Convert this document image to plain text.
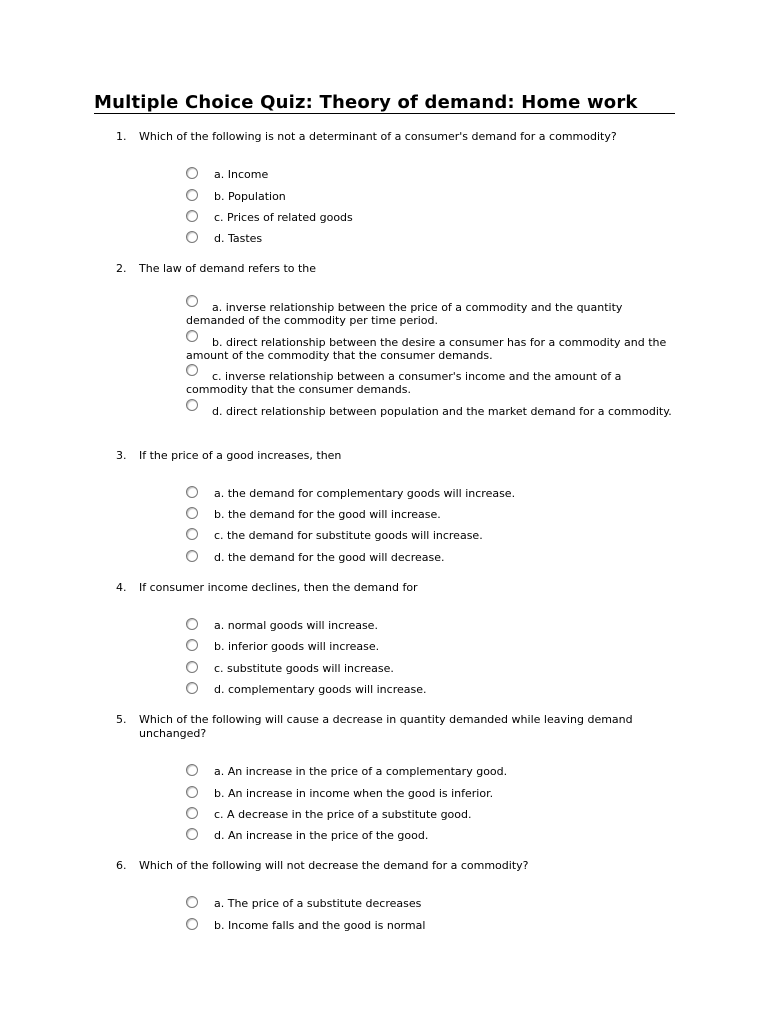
Multiple Choice Quiz: Theory of demand: Home work
1. Which of the following is not a determinant of a consumer's demand for a commodity?
a. Income
b. Population
c. Prices of related goods
d. Tastes
2. The law of demand refers to the
a. inverse relationship between the price of a commodity and the quantity demanded of the commodity per time period.
b. direct relationship between the desire a consumer has for a commodity and the amount of the commodity that the consumer demands.
c. inverse relationship between a consumer's income and the amount of a commodity that the consumer demands.
d. direct relationship between population and the market demand for a commodity.
3. If the price of a good increases, then
a. the demand for complementary goods will increase.
b. the demand for the good will increase.
c. the demand for substitute goods will increase.
d. the demand for the good will decrease.
4. If consumer income declines, then the demand for
a. normal goods will increase.
b. inferior goods will increase.
c. substitute goods will increase.
d. complementary goods will increase.
5. Which of the following will cause a decrease in quantity demanded while leaving demand unchanged?
a. An increase in the price of a complementary good.
b. An increase in income when the good is inferior.
c. A decrease in the price of a substitute good.
d. An increase in the price of the good.
6. Which of the following will not decrease the demand for a commodity?
a. The price of a substitute decreases
b. Income falls and the good is normal
